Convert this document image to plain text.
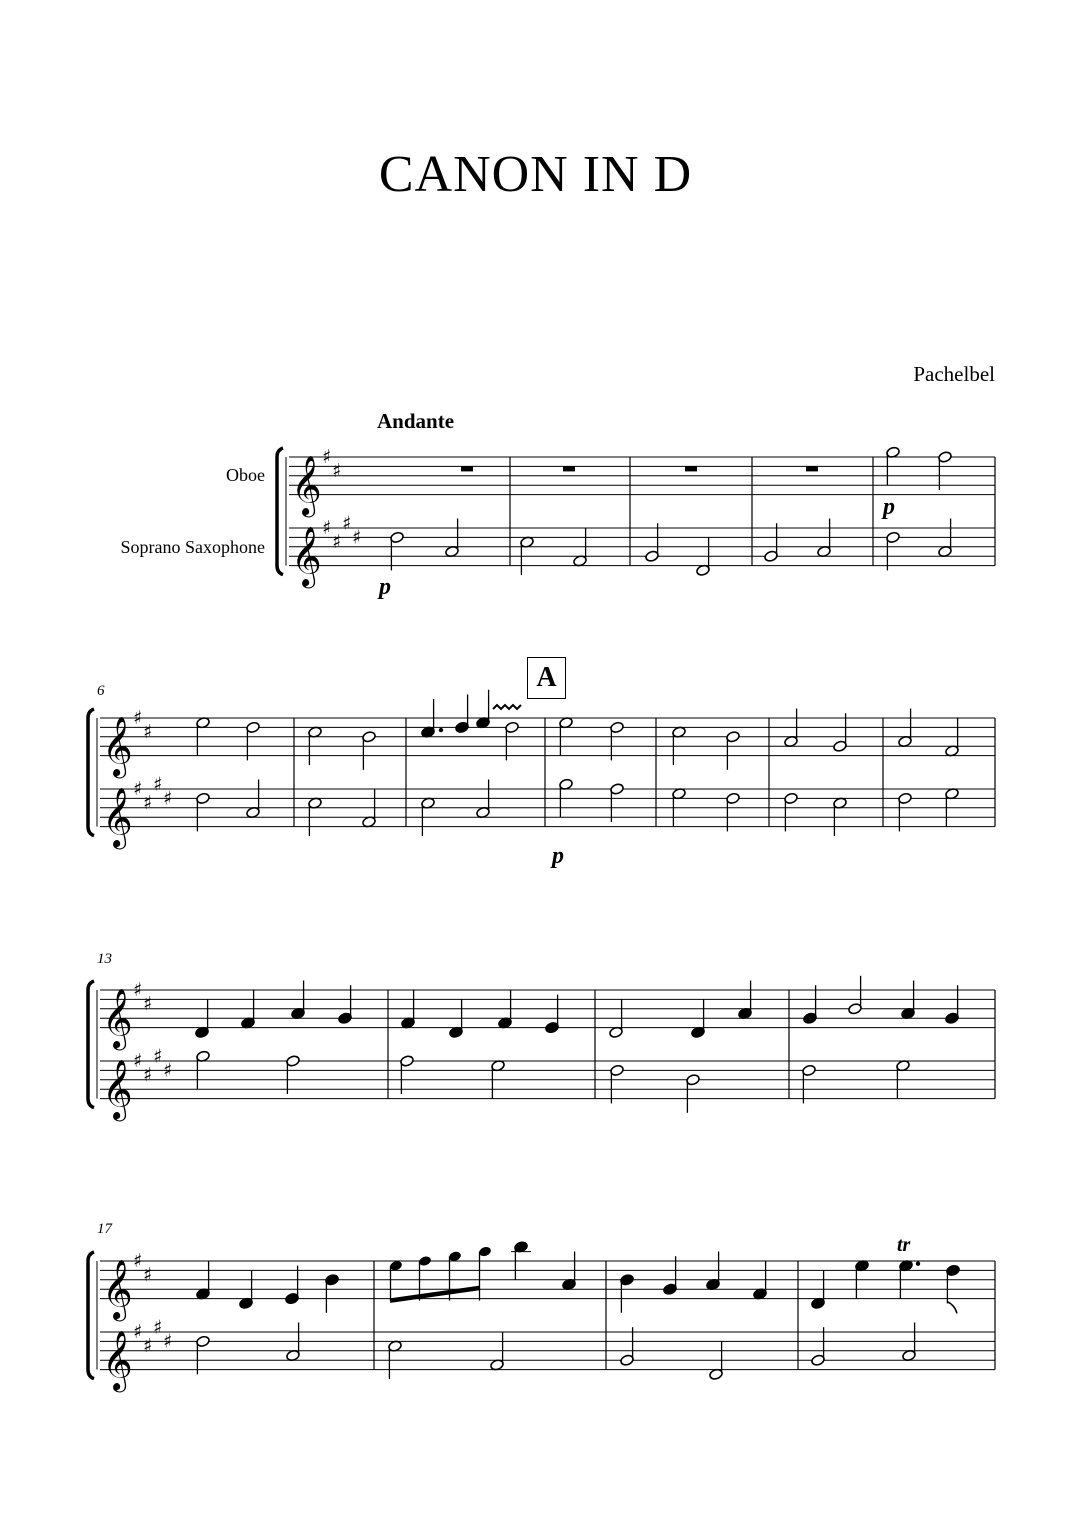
CANON IN D
Pachelbel
Andante
Oboe
Soprano Saxophone
6
13
17
p
p
p
A
tr
𝄞
𝄞
♯
♯
♯
♯
♯
♯
𝄞
𝄞
♯
♯
♯
♯
♯
♯
𝄞
𝄞
♯
♯
♯
♯
♯
♯
𝄞
𝄞
♯
♯
♯
♯
♯
♯
